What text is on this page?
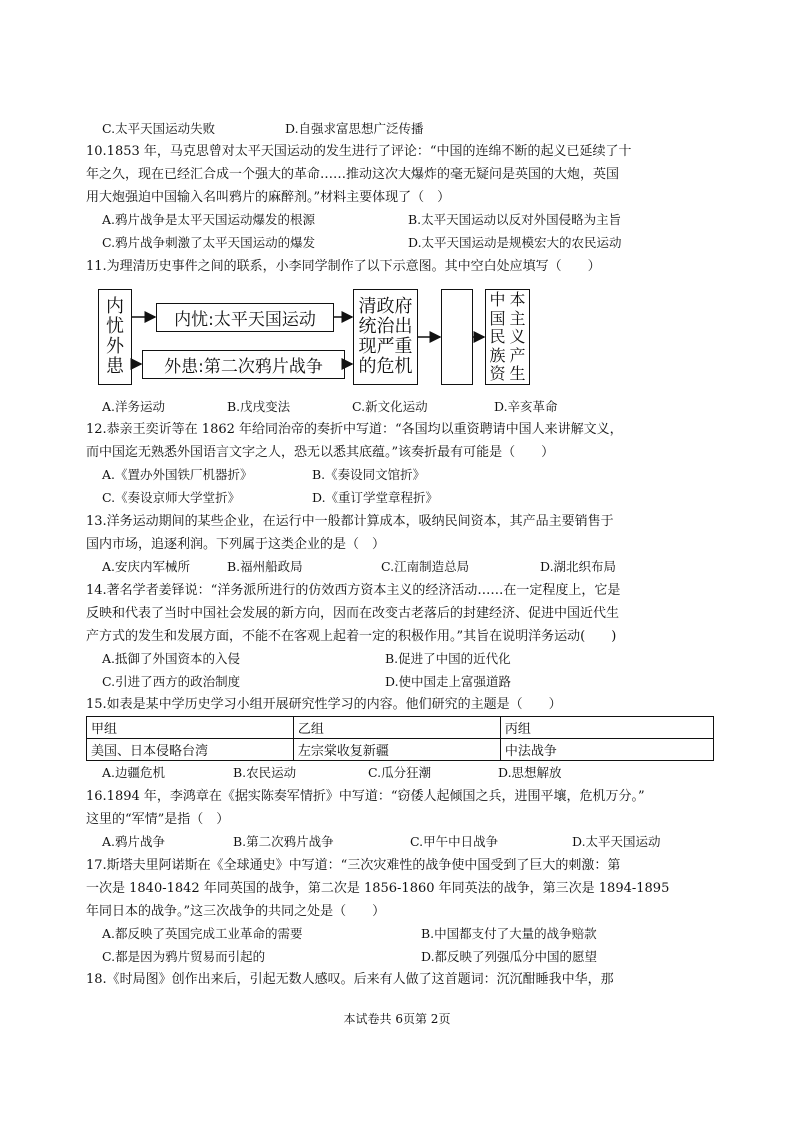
C.太平天国运动失败	D.自强求富思想广泛传播
10.1853 年，马克思曾对太平天国运动的发生进行了评论：“中国的连绵不断的起义已延续了十
年之久，现在已经汇合成一个强大的革命……推动这次大爆炸的毫无疑问是英国的大炮，英国
用大炮强迫中国输入名叫鸦片的麻醉剂。”材料主要体现了（　）
A.鸦片战争是太平天国运动爆发的根源	B.太平天国运动以反对外国侵略为主旨
C.鸦片战争刺激了太平天国运动的爆发	D.太平天国运动是规模宏大的农民运动
11.为理清历史事件之间的联系，小李同学制作了以下示意图。其中空白处应填写（　　）
内
忧
外
患
内忧:太平天国运动
外患:第二次鸦片战争
清政府
统治出
现严重
的危机
中
国
民
族
资
本
主
义
产
生
A.洋务运动	B.戊戌变法	C.新文化运动	D.辛亥革命
12.恭亲王奕䜣等在 1862 年给同治帝的奏折中写道：“各国均以重资聘请中国人来讲解文义，
而中国迄无熟悉外国语言文字之人，恐无以悉其底蕴。”该奏折最有可能是（　　）
A.《置办外国铁厂机器折》	B.《奏设同文馆折》
C.《奏设京师大学堂折》	D.《重订学堂章程折》
13.洋务运动期间的某些企业，在运行中一般都计算成本，吸纳民间资本，其产品主要销售于
国内市场，追逐利润。下列属于这类企业的是（　）
A.安庆内军械所	B.福州船政局	C.江南制造总局	D.湖北织布局
14.著名学者姜铎说：“洋务派所进行的仿效西方资本主义的经济活动……在一定程度上，它是
反映和代表了当时中国社会发展的新方向，因而在改变古老落后的封建经济、促进中国近代生
产方式的发生和发展方面，不能不在客观上起着一定的积极作用。”其旨在说明洋务运动(　　)
A.抵御了外国资本的入侵	B.促进了中国的近代化
C.引进了西方的政治制度	D.使中国走上富强道路
15.如表是某中学历史学习小组开展研究性学习的内容。他们研究的主题是（　　）
甲组	乙组	丙组
美国、日本侵略台湾	左宗棠收复新疆	中法战争
A.边疆危机	B.农民运动	C.瓜分狂潮	D.思想解放
16.1894 年，李鸿章在《据实陈奏军情折》中写道：“窃倭人起倾国之兵，进围平壤，危机万分。”
这里的“军情”是指（　）
A.鸦片战争	B.第二次鸦片战争	C.甲午中日战争	D.太平天国运动
17.斯塔夫里阿诺斯在《全球通史》中写道：“三次灾难性的战争使中国受到了巨大的刺激：第
一次是 1840-1842 年同英国的战争，第二次是 1856-1860 年同英法的战争，第三次是 1894-1895
年同日本的战争。”这三次战争的共同之处是（　　）
A.都反映了英国完成工业革命的需要	B.中国都支付了大量的战争赔款
C.都是因为鸦片贸易而引起的	D.都反映了列强瓜分中国的愿望
18.《时局图》创作出来后，引起无数人感叹。后来有人做了这首题词：沉沉酣睡我中华，那
本试卷共 6页第 2页
